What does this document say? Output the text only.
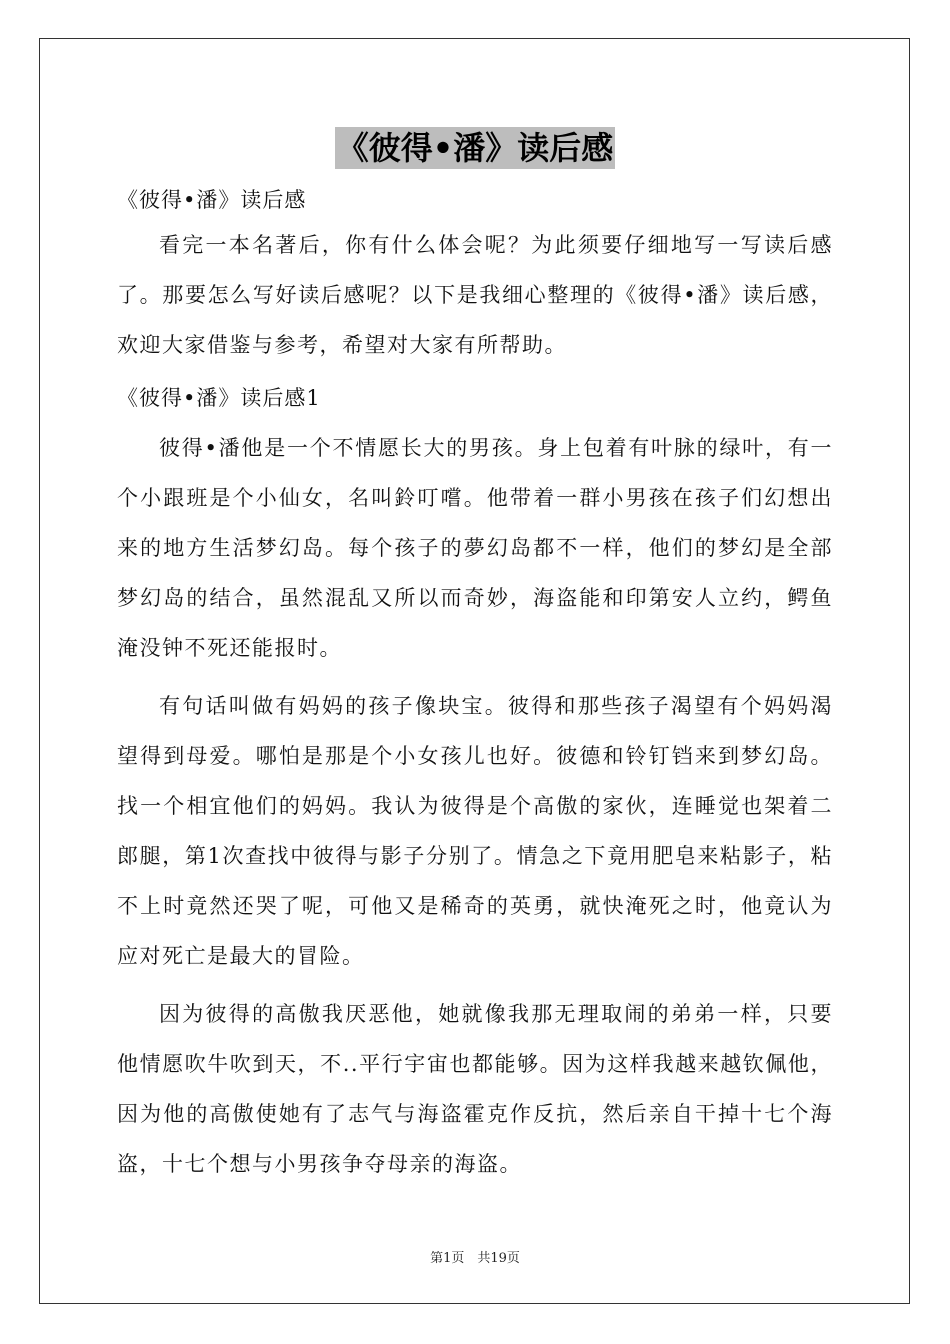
《彼得•潘》读后感

《彼得•潘》读后感

看完一本名著后，你有什么体会呢？为此须要仔细地写一写读后感了。那要怎么写好读后感呢？以下是我细心整理的《彼得•潘》读后感，欢迎大家借鉴与参考，希望对大家有所帮助。

《彼得•潘》读后感1

彼得•潘他是一个不情愿长大的男孩。身上包着有叶脉的绿叶，有一个小跟班是个小仙女，名叫鈴叮嚐。他带着一群小男孩在孩子们幻想出来的地方生活梦幻岛。每个孩子的夢幻岛都不一样，他们的梦幻是全部梦幻岛的结合，虽然混乱又所以而奇妙，海盗能和印第安人立约，鳄鱼淹没钟不死还能报时。

有句话叫做有妈妈的孩子像块宝。彼得和那些孩子渴望有个妈妈渴望得到母爱。哪怕是那是个小女孩儿也好。彼德和铃钉铛来到梦幻岛。找一个相宜他们的妈妈。我认为彼得是个高傲的家伙，连睡觉也架着二郎腿，第1次查找中彼得与影子分别了。情急之下竟用肥皂来粘影子，粘不上时竟然还哭了呢，可他又是稀奇的英勇，就快淹死之时，他竟认为应对死亡是最大的冒险。

因为彼得的高傲我厌恶他，她就像我那无理取闹的弟弟一样，只要他情愿吹牛吹到天，不..平行宇宙也都能够。因为这样我越来越钦佩他，因为他的高傲使她有了志气与海盗霍克作反抗，然后亲自干掉十七个海盗，十七个想与小男孩争夺母亲的海盗。

第1页　共19页
